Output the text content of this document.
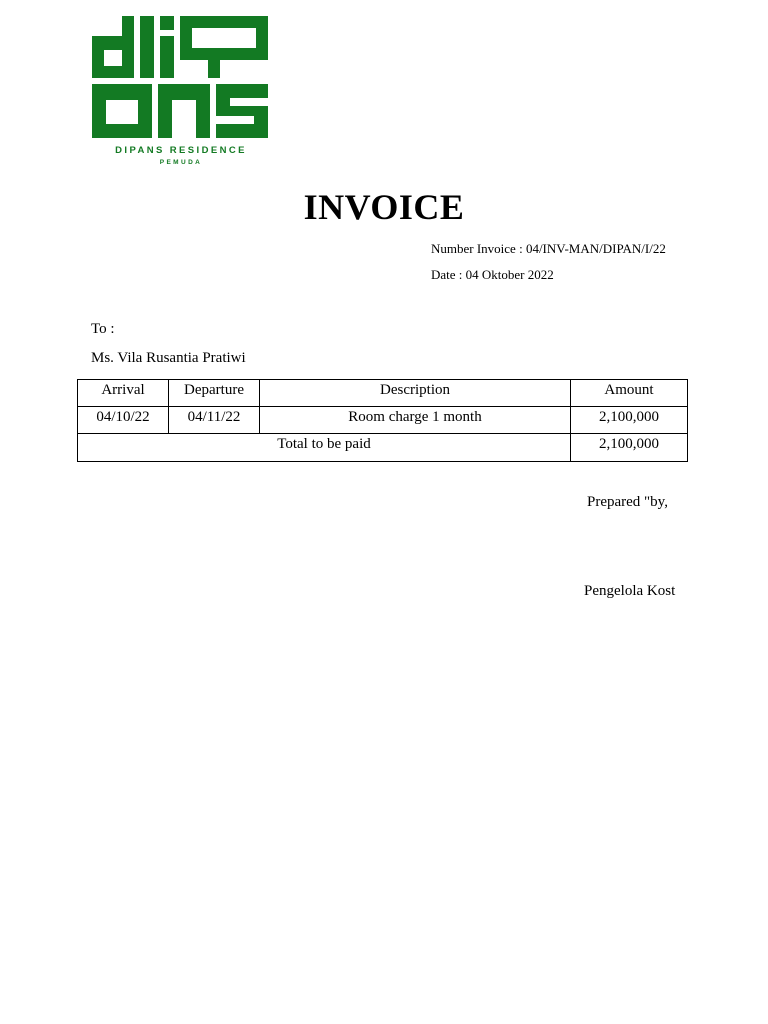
DIPANS RESIDENCE
PEMUDA
INVOICE
Number Invoice : 04/INV-MAN/DIPAN/I/22
Date : 04 Oktober 2022
To :
Ms. Vila Rusantia Pratiwi
Arrival	Departure	Description	Amount
04/10/22	04/11/22	Room charge 1 month	2,100,000
Total to be paid			2,100,000
Prepared "by,
Pengelola Kost
